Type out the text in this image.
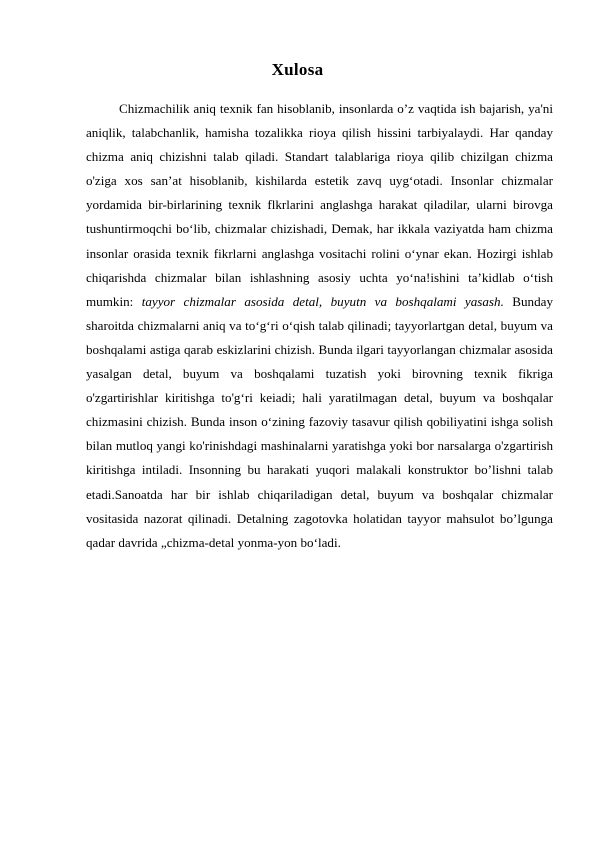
Xulosa

Chizmachilik aniq texnik fan hisoblanib, insonlarda o’z vaqtida ish bajarish, ya'ni aniqlik, talabchanlik, hamisha tozalikka rioya qilish hissini tarbiyalaydi. Har qanday chizma aniq chizishni talab qiladi. Standart talablariga rioya qilib chizilgan chizma o'ziga xos san’at hisoblanib, kishilarda estetik zavq uyg‘otadi. Insonlar chizmalar yordamida bir-birlarining texnik flkrlarini anglashga harakat qiladilar, ularni birovga tushuntirmoqchi bo‘lib, chizmalar chizishadi, Demak, har ikkala vaziyatda ham chizma insonlar orasida texnik fikrlarni anglashga vositachi rolini o‘ynar ekan. Hozirgi ishlab chiqarishda chizmalar bilan ishlashning asosiy uchta yo‘na!ishini ta’kidlab o‘tish mumkin: tayyor chizmalar asosida detal, buyutn va boshqalami yasash. Bunday sharoitda chizmalarni aniq va to‘g‘ri o‘qish talab qilinadi; tayyorlartgan detal, buyum va boshqalami astiga qarab eskizlarini chizish. Bunda ilgari tayyorlangan chizmalar asosida yasalgan detal, buyum va boshqalami tuzatish yoki birovning texnik fikriga o'zgartirishlar kiritishga to'g‘ri keiadi; hali yaratilmagan detal, buyum va boshqalar chizmasini chizish. Bunda inson o‘zining fazoviy tasavur qilish qobiliyatini ishga solish bilan mutloq yangi ko'rinishdagi mashinalarni yaratishga yoki bor narsalarga o'zgartirish kiritishga intiladi. Insonning bu harakati yuqori malakali konstruktor bo’lishni talab etadi.Sanoatda har bir ishlab chiqariladigan detal, buyum va boshqalar chizmalar vositasida nazorat qilinadi. Detalning zagotovka holatidan tayyor mahsulot bo’lgunga qadar davrida „chizma-detal yonma-yon bo‘ladi.
